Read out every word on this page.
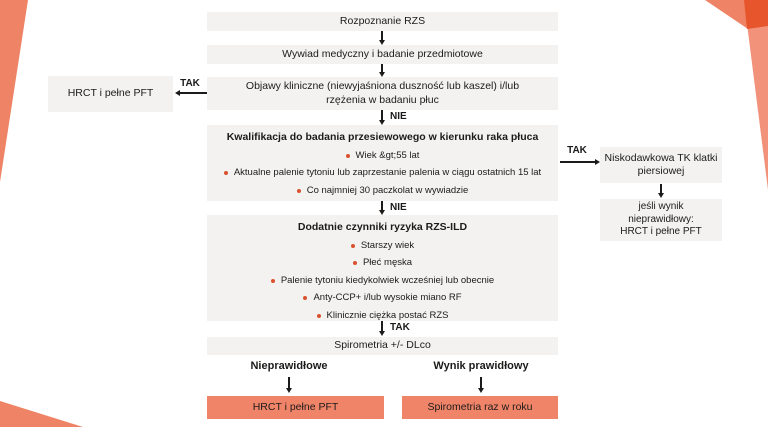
Rozpoznanie RZS
Wywiad medyczny i badanie przedmiotowe
Objawy kliniczne (niewyjaśniona duszność lub kaszel) i/lub
rzężenia w badaniu płuc
HRCT i pełne PFT
TAK
NIE
Kwalifikacja do badania przesiewowego w kierunku raka płuca
Wiek &gt;55 lat
Aktualne palenie tytoniu lub zaprzestanie palenia w ciągu ostatnich 15 lat
Co najmniej 30 paczkolat w wywiadzie
TAK
Niskodawkowa TK klatki
piersiowej
jeśli wynik
nieprawidłowy:
HRCT i pełne PFT
NIE
Dodatnie czynniki ryzyka RZS-ILD
Starszy wiek
Płeć męska
Palenie tytoniu kiedykolwiek wcześniej lub obecnie
Anty-CCP+ i/lub wysokie miano RF
Klinicznie ciężka postać RZS
TAK
Spirometria +/- DLco
Nieprawidłowe	Wynik prawidłowy
HRCT i pełne PFT	Spirometria raz w roku
